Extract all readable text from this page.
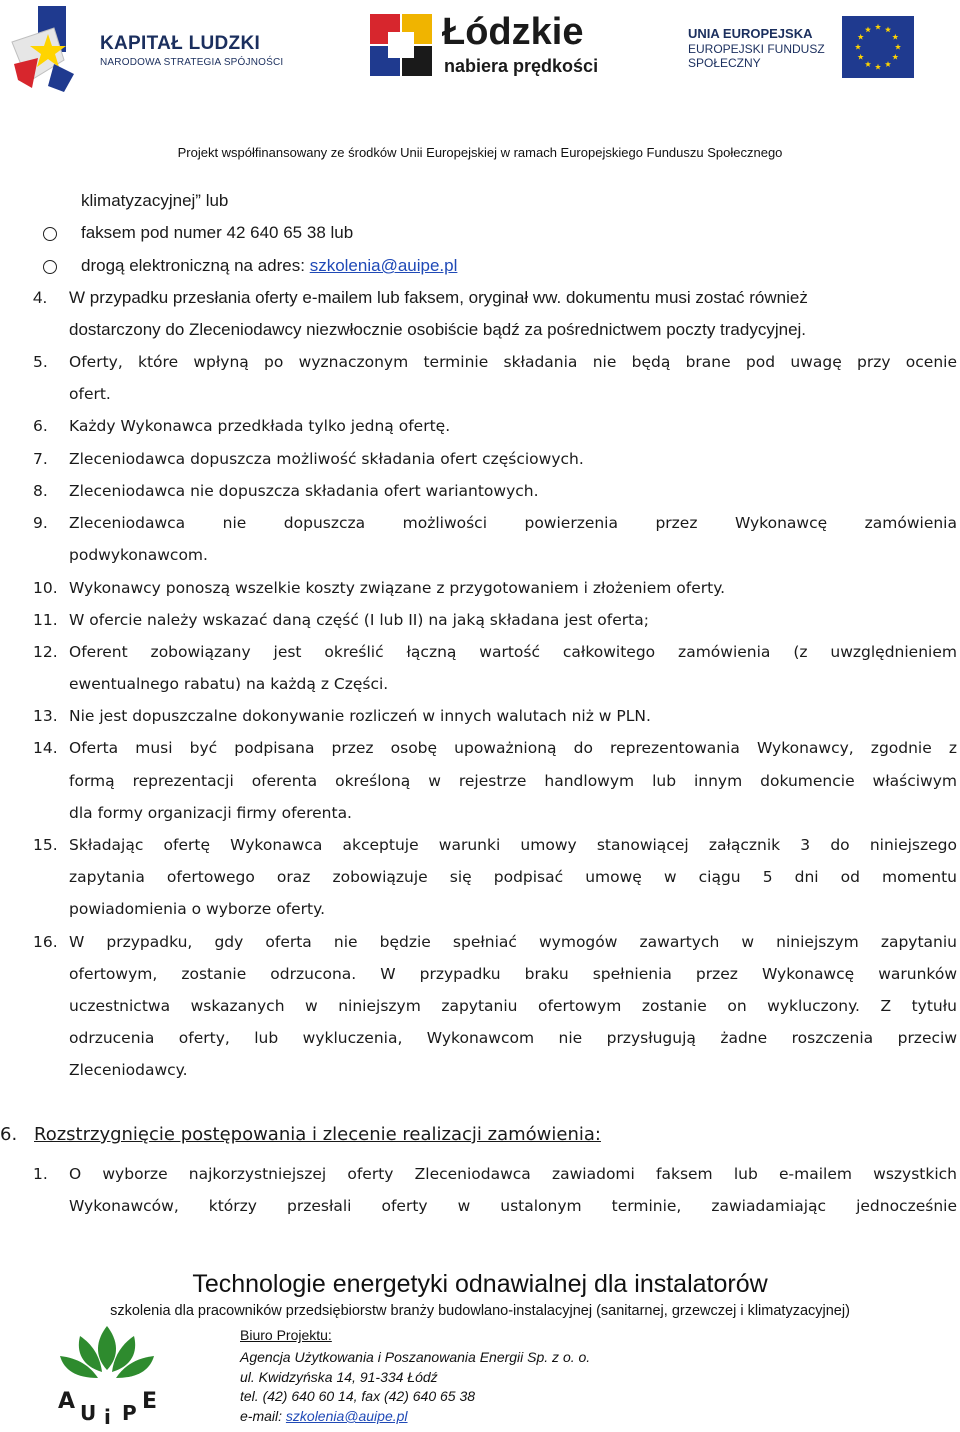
KAPITAŁ LUDZKI
NARODOWA STRATEGIA SPÓJNOŚCI
Łódzkie
nabiera prędkości
UNIA EUROPEJSKA
EUROPEJSKI FUNDUSZ SPOŁECZNY
Projekt współfinansowany ze środków Unii Europejskiej w ramach Europejskiego Funduszu Społecznego
klimatyzacyjnej” lub
faksem pod numer 42 640 65 38 lub
drogą elektroniczną na adres: szkolenia@auipe.pl
4.	W przypadku przesłania oferty e-mailem lub faksem, oryginał ww. dokumentu musi zostać również
dostarczony do Zleceniodawcy niezwłocznie osobiście bądź za pośrednictwem poczty tradycyjnej.
5.	Oferty, które wpłyną po wyznaczonym terminie składania nie będą brane pod uwagę przy ocenie
ofert.
6.	Każdy Wykonawca przedkłada tylko jedną ofertę.
7.	Zleceniodawca dopuszcza możliwość składania ofert częściowych.
8.	Zleceniodawca nie dopuszcza składania ofert wariantowych.
9.	Zleceniodawca nie dopuszcza możliwości powierzenia przez Wykonawcę zamówienia
podwykonawcom.
10. Wykonawcy ponoszą wszelkie koszty związane z przygotowaniem i złożeniem oferty.
11. W ofercie należy wskazać daną część (I lub II) na jaką składana jest oferta;
12. Oferent zobowiązany jest określić łączną wartość całkowitego zamówienia (z uwzględnieniem
ewentualnego rabatu) na każdą z Części.
13. Nie jest dopuszczalne dokonywanie rozliczeń w innych walutach niż w PLN.
14. Oferta musi być podpisana przez osobę upoważnioną do reprezentowania Wykonawcy, zgodnie z
formą reprezentacji oferenta określoną w rejestrze handlowym lub innym dokumencie właściwym
dla formy organizacji firmy oferenta.
15. Składając ofertę Wykonawca akceptuje warunki umowy stanowiącej załącznik 3 do niniejszego
zapytania ofertowego oraz zobowiązuje się podpisać umowę w ciągu 5 dni od momentu
powiadomienia o wyborze oferty.
16. W przypadku, gdy oferta nie będzie spełniać wymogów zawartych w niniejszym zapytaniu
ofertowym, zostanie odrzucona. W przypadku braku spełnienia przez Wykonawcę warunków
uczestnictwa wskazanych w niniejszym zapytaniu ofertowym zostanie on wykluczony. Z tytułu
odrzucenia oferty, lub wykluczenia, Wykonawcom nie przysługują żadne roszczenia przeciw
Zleceniodawcy.
6. Rozstrzygnięcie postępowania i zlecenie realizacji zamówienia:
1.	O wyborze najkorzystniejszej oferty Zleceniodawca zawiadomi faksem lub e-mailem wszystkich
Wykonawców, którzy przesłali oferty w ustalonym terminie, zawiadamiając jednocześnie
Technologie energetyki odnawialnej dla instalatorów
szkolenia dla pracowników przedsiębiorstw branży budowlano-instalacyjnej (sanitarnej, grzewczej i klimatyzacyjnej)
A U i P E
Biuro Projektu:
Agencja Użytkowania i Poszanowania Energii Sp. z o. o.
ul. Kwidzyńska 14, 91-334 Łódź
tel. (42) 640 60 14, fax (42) 640 65 38
e-mail: szkolenia@auipe.pl
